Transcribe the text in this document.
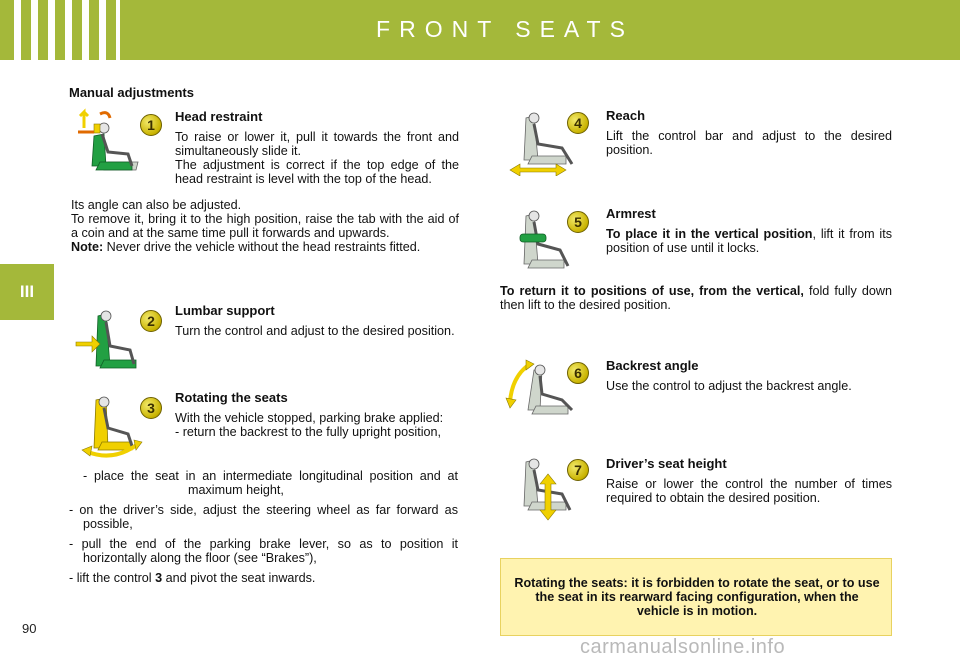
FRONT SEATS
III
Manual adjustments
1
Head restraint
To raise or lower it, pull it towards the front and simultaneously slide it.
The adjustment is correct if the top edge of the head restraint is level with the top of the head.
Its angle can also be adjusted.
To remove it, bring it to the high position, raise the tab with the aid of a coin and at the same time pull it forwards and upwards.
Note: Never drive the vehicle without the head restraints fitted.
2
Lumbar support
Turn the control and adjust to the desired position.
3
Rotating the seats
With the vehicle stopped, parking brake applied:
- return the backrest to the fully upright position,
- place the seat in an intermediate longitudinal position and at maximum height,
- on the driver’s side, adjust the steering wheel as far forward as possible,
- pull the end of the parking brake lever, so as to position it horizontally along the floor (see “Brakes”),
- lift the control 3 and pivot the seat inwards.
4	Reach
Lift the control bar and adjust to the desired position.
5
Armrest
To place it in the vertical position, lift it from its position of use until it locks.
To return it to positions of use, from the vertical, fold fully down then lift to the desired position.
6	Backrest angle
Use the control to adjust the backrest angle.
7	Driver’s seat height
Raise or lower the control the number of times required to obtain the desired position.
Rotating the seats: it is forbidden to rotate the seat, or to use the seat in its rearward facing configuration, when the vehicle is in motion.
90
carmanualsonline.info
